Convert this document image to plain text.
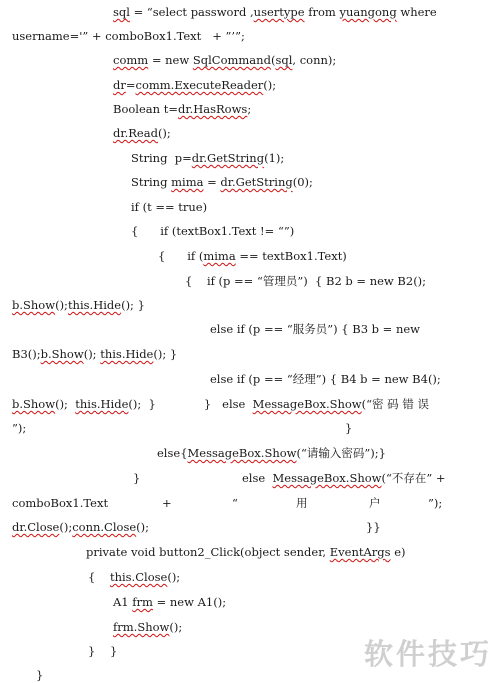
sql = “select password ,usertype from yuangong where
username='” + comboBox1.Text   + ”’”;
comm = new SqlCommand(sql, conn);
dr=comm.ExecuteReader();
Boolean t=dr.HasRows;
dr.Read();
String  p=dr.GetString(1);
String mima = dr.GetString(0);
if (t == true)
{      if (textBox1.Text != “”)
{      if (mima == textBox1.Text)
{    if (p == “管理员”)  { B2 b = new B2();
b.Show();this.Hide(); }
else if (p == “服务员”) { B3 b = new
B3();b.Show(); this.Hide(); }
else if (p == “经理”) { B4 b = new B4();
b.Show();  this.Hide();  }	}   else  MessageBox.Show(“密 码 错 误
”);	}
else{MessageBox.Show(“请输入密码”);}
}	else  MessageBox.Show(“不存在” +
comboBox1.Text	+	“	用	户	”);
dr.Close();conn.Close();	}}
private void button2_Click(object sender, EventArgs e)
{    this.Close();
A1 frm = new A1();
frm.Show();
}    }
}
软件技巧
